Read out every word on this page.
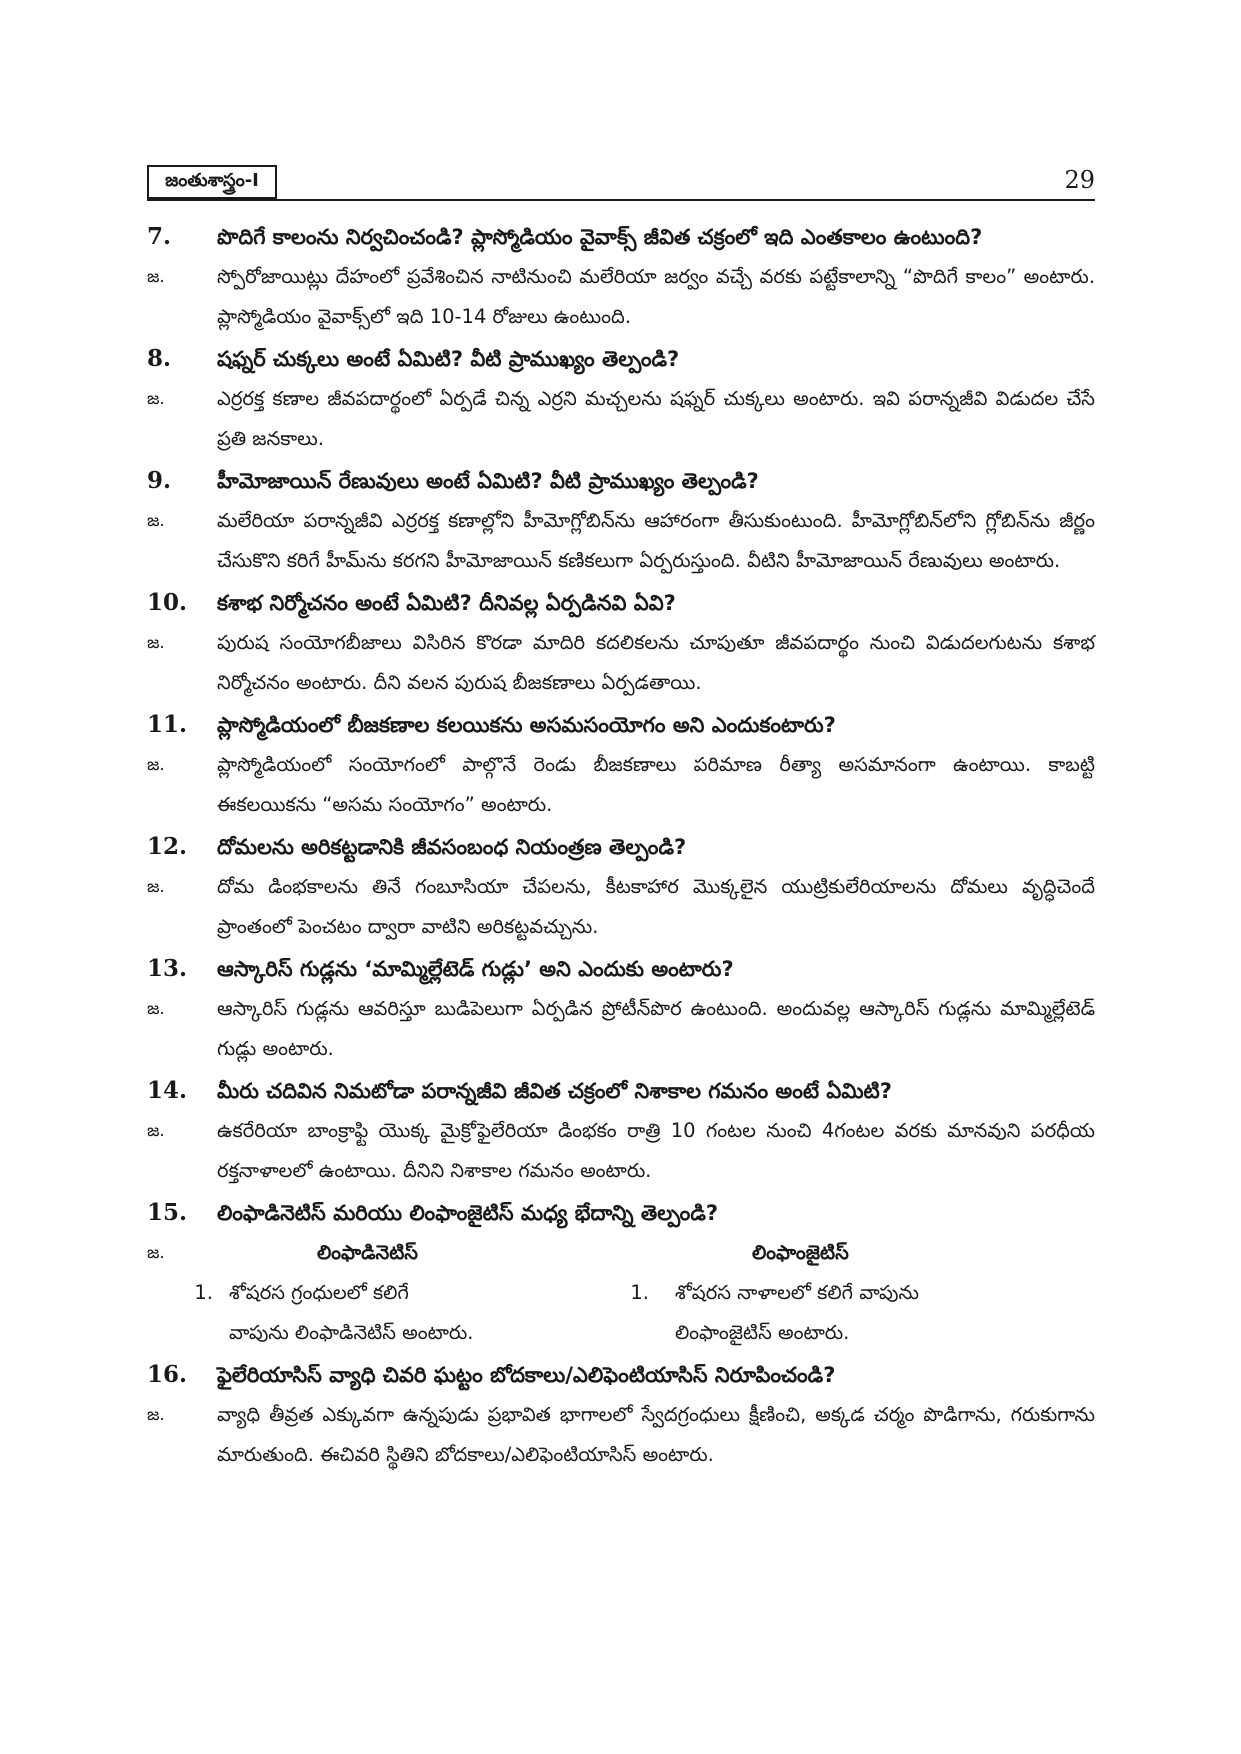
జంతుశాస్త్రం-I	29
7.	పొదిగే కాలంను నిర్వచించండి? ప్లాస్మోడియం వైవాక్స్ జీవిత చక్రంలో ఇది ఎంతకాలం ఉంటుంది?
జ.	స్పోరోజాయిట్లు దేహంలో ప్రవేశించిన నాటినుంచి మలేరియా జర్వం వచ్చే వరకు పట్టేకాలాన్ని “పొదిగే కాలం” అంటారు. ప్లాస్మోడియం వైవాక్స్‌లో ఇది 10-14 రోజులు ఉంటుంది.
8.	షఫ్నర్ చుక్కలు అంటే ఏమిటి? వీటి ప్రాముఖ్యం తెల్పండి?
జ.	ఎర్రరక్త కణాల జీవపదార్థంలో ఏర్పడే చిన్న ఎర్రని మచ్చలను షఫ్నర్ చుక్కలు అంటారు. ఇవి పరాన్నజీవి విడుదల చేసే ప్రతి జనకాలు.
9.	హీమోజాయిన్ రేణువులు అంటే ఏమిటి? వీటి ప్రాముఖ్యం తెల్పండి?
జ.	మలేరియా పరాన్నజీవి ఎర్రరక్త కణాల్లోని హీమోగ్లోబిన్‌ను ఆహారంగా తీసుకుంటుంది. హీమోగ్లోబిన్‌లోని గ్లోబిన్‌ను జీర్ణం చేసుకొని కరిగే హీమ్‌ను కరగని హీమోజాయిన్ కణికలుగా ఏర్పరుస్తుంది. వీటిని హీమోజాయిన్ రేణువులు అంటారు.
10.	కశాభ నిర్మోచనం అంటే ఏమిటి? దీనివల్ల ఏర్పడినవి ఏవి?
జ.	పురుష సంయోగబీజాలు విసిరిన కొరడా మాదిరి కదలికలను చూపుతూ జీవపదార్థం నుంచి విడుదలగుటను కశాభ నిర్మోచనం అంటారు. దీని వలన పురుష బీజకణాలు ఏర్పడతాయి.
11.	ప్లాస్మోడియంలో బీజకణాల కలయికను అసమసంయోగం అని ఎందుకంటారు?
జ.	ప్లాస్మోడియంలో సంయోగంలో పాల్గొనే రెండు బీజకణాలు పరిమాణ రీత్యా అసమానంగా ఉంటాయి. కాబట్టి ఈకలయికను “అసమ సంయోగం” అంటారు.
12.	దోమలను అరికట్టడానికి జీవసంబంధ నియంత్రణ తెల్పండి?
జ.	దోమ డింభకాలను తినే గంబూసియా చేపలను, కీటకాహార మొక్కలైన యుట్రికులేరియాలను దోమలు వృద్ధిచెందే ప్రాంతంలో పెంచటం ద్వారా వాటిని అరికట్టవచ్చును.
13.	ఆస్కారిస్ గుడ్లను ‘మామ్మిల్లేటెడ్ గుడ్లు’ అని ఎందుకు అంటారు?
జ.	ఆస్కారిస్ గుడ్లను ఆవరిస్తూ బుడిపెలుగా ఏర్పడిన ప్రోటీన్‌పొర ఉంటుంది. అందువల్ల ఆస్కారిస్ గుడ్లను మామ్మిల్లేటెడ్ గుడ్లు అంటారు.
14.	మీరు చదివిన నిమటోడా పరాన్నజీవి జీవిత చక్రంలో నిశాకాల గమనం అంటే ఏమిటి?
జ.	ఉకరేరియా బాంక్రాఫ్టి యొక్క మైక్రోఫైలేరియా డింభకం రాత్రి 10 గంటల నుంచి 4గంటల వరకు మానవుని పరధీయ రక్తనాళాలలో ఉంటాయి. దీనిని నిశాకాల గమనం అంటారు.
15.	లింఫాడినెటిస్ మరియు లింఫాంజైటిస్ మధ్య భేదాన్ని తెల్పండి?
జ.	లింఫాడినెటిస్	లింఫాంజైటిస్
1. శోషరస గ్రంధులలో కలిగే	1.	శోషరస నాళాలలో కలిగే వాపును
వాపును లింఫాడినెటిస్ అంటారు.	లింఫాంజైటిస్ అంటారు.
16.	ఫైలేరియాసిస్ వ్యాధి చివరి ఘట్టం బోదకాలు/ఎలిఫెంటియాసిస్ నిరూపించండి?
జ.	వ్యాధి తీవ్రత ఎక్కువగా ఉన్నపుడు ప్రభావిత భాగాలలో స్వేదగ్రంధులు క్షీణించి, అక్కడ చర్మం పొడిగాను, గరుకుగాను మారుతుంది. ఈచివరి స్థితిని బోదకాలు/ఎలిఫెంటియాసిస్ అంటారు.
